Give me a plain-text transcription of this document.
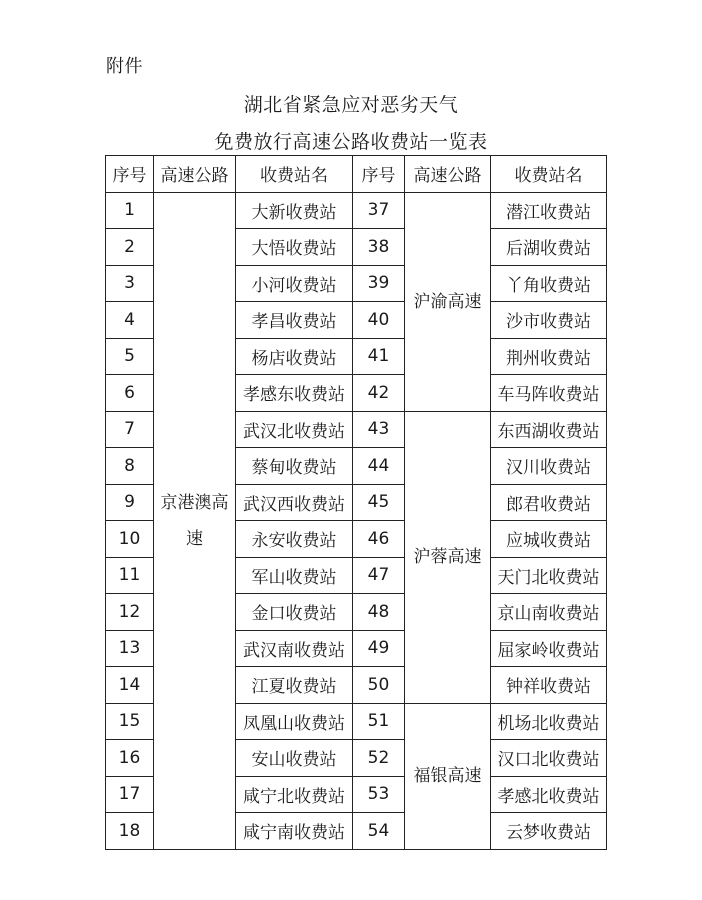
附件
湖北省紧急应对恶劣天气
免费放行高速公路收费站一览表
序号	高速公路	收费站名	序号	高速公路	收费站名
1	京港澳高速	大新收费站	37	沪渝高速	潜江收费站
2		大悟收费站	38		后湖收费站
3		小河收费站	39		丫角收费站
4		孝昌收费站	40		沙市收费站
5		杨店收费站	41		荆州收费站
6		孝感东收费站	42		车马阵收费站
7		武汉北收费站	43	沪蓉高速	东西湖收费站
8		蔡甸收费站	44		汉川收费站
9		武汉西收费站	45		郎君收费站
10		永安收费站	46		应城收费站
11		军山收费站	47		天门北收费站
12		金口收费站	48		京山南收费站
13		武汉南收费站	49		屈家岭收费站
14		江夏收费站	50		钟祥收费站
15		凤凰山收费站	51	福银高速	机场北收费站
16		安山收费站	52		汉口北收费站
17		咸宁北收费站	53		孝感北收费站
18		咸宁南收费站	54		云梦收费站
